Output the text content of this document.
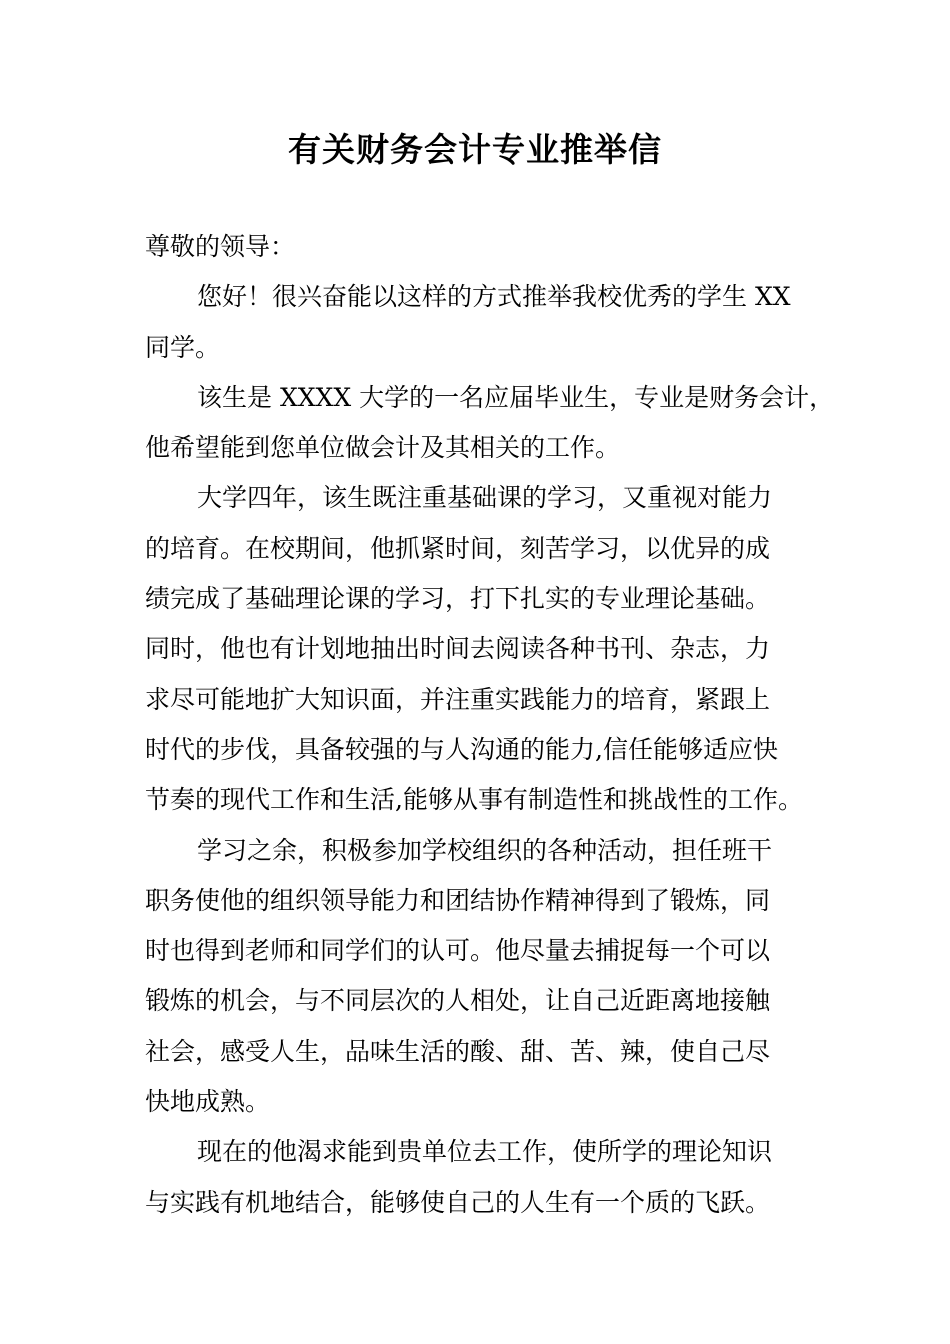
有关财务会计专业推举信
尊敬的领导：
您好！很兴奋能以这样的方式推举我校优秀的学生 XX
同学。
该生是 XXXX 大学的一名应届毕业生，专业是财务会计，
他希望能到您单位做会计及其相关的工作。
大学四年，该生既注重基础课的学习，又重视对能力
的培育。在校期间，他抓紧时间，刻苦学习，以优异的成
绩完成了基础理论课的学习，打下扎实的专业理论基础。
同时，他也有计划地抽出时间去阅读各种书刊、杂志，力
求尽可能地扩大知识面，并注重实践能力的培育，紧跟上
时代的步伐，具备较强的与人沟通的能力,信任能够适应快
节奏的现代工作和生活,能够从事有制造性和挑战性的工作。
学习之余，积极参加学校组织的各种活动，担任班干
职务使他的组织领导能力和团结协作精神得到了锻炼，同
时也得到老师和同学们的认可。他尽量去捕捉每一个可以
锻炼的机会，与不同层次的人相处，让自己近距离地接触
社会，感受人生，品味生活的酸、甜、苦、辣，使自己尽
快地成熟。
现在的他渴求能到贵单位去工作，使所学的理论知识
与实践有机地结合，能够使自己的人生有一个质的飞跃。
